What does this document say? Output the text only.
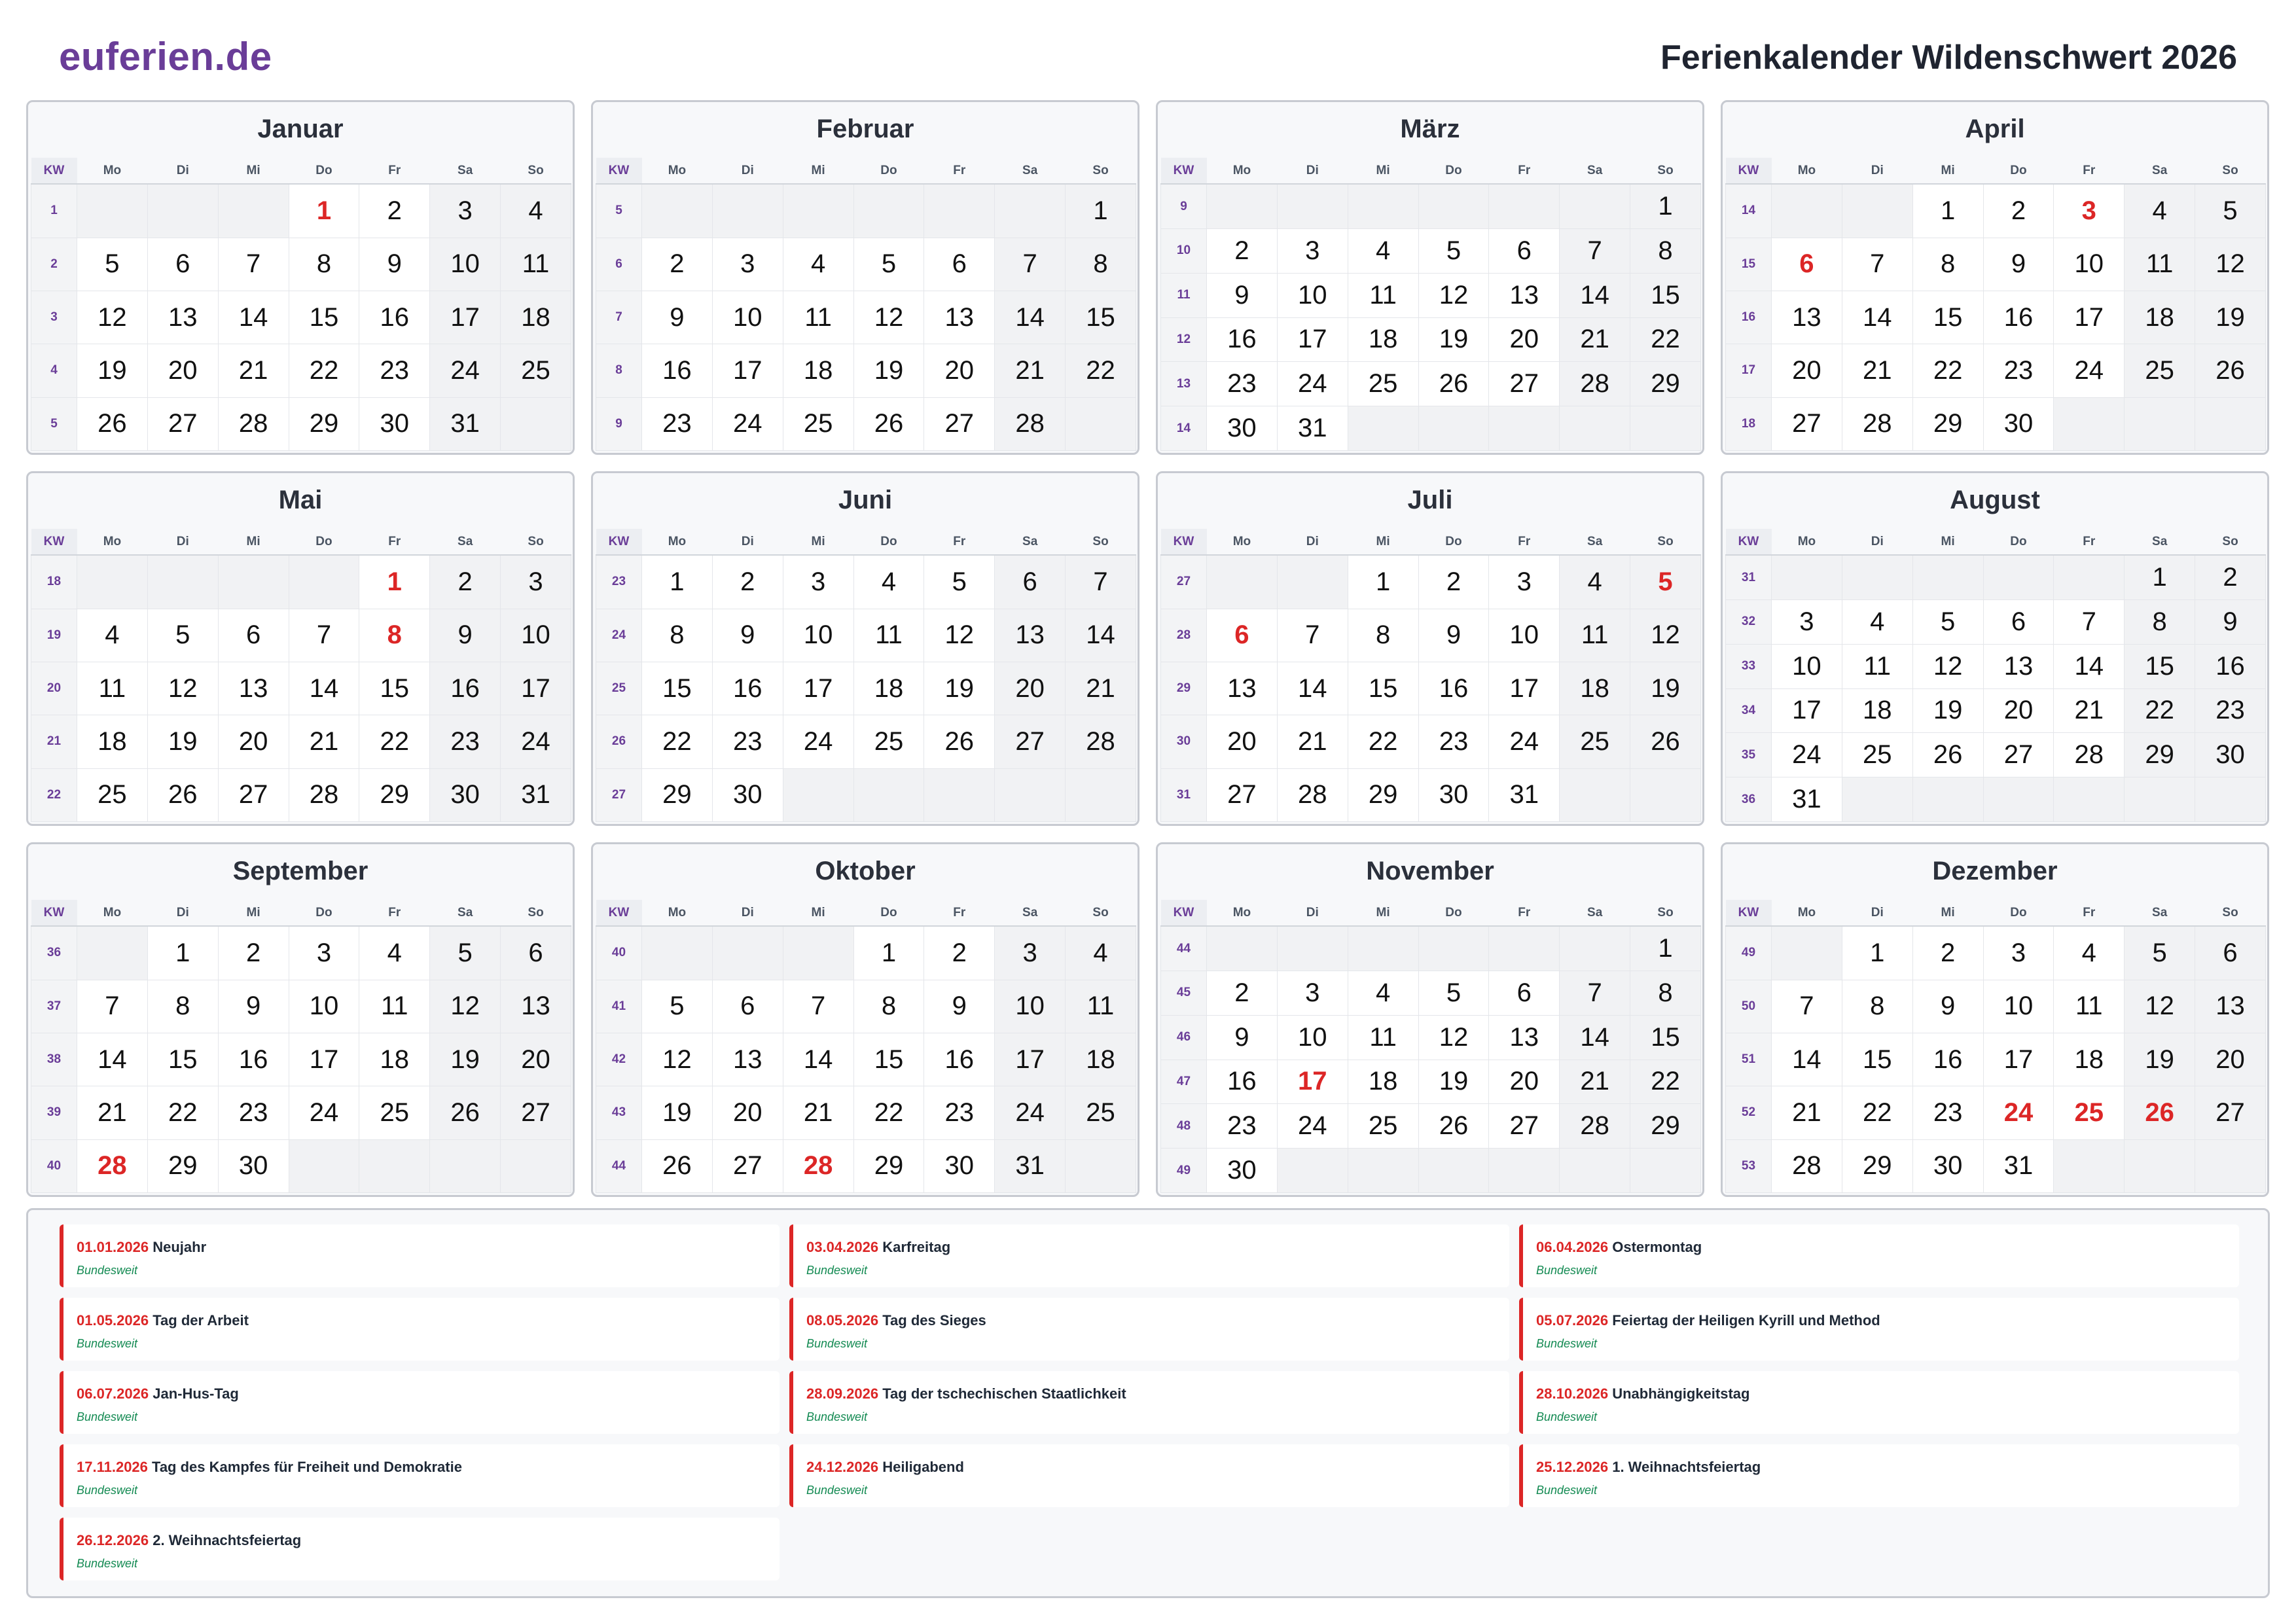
euferien.de	Ferienkalender Wildenschwert 2026
Januar
KW	Mo	Di	Mi	Do	Fr	Sa	So
1				1	2	3	4
2	5	6	7	8	9	10	11
3	12	13	14	15	16	17	18
4	19	20	21	22	23	24	25
5	26	27	28	29	30	31	
Februar
KW	Mo	Di	Mi	Do	Fr	Sa	So
5							1
6	2	3	4	5	6	7	8
7	9	10	11	12	13	14	15
8	16	17	18	19	20	21	22
9	23	24	25	26	27	28	
März
KW	Mo	Di	Mi	Do	Fr	Sa	So
9							1
10	2	3	4	5	6	7	8
11	9	10	11	12	13	14	15
12	16	17	18	19	20	21	22
13	23	24	25	26	27	28	29
14	30	31					
April
KW	Mo	Di	Mi	Do	Fr	Sa	So
14			1	2	3	4	5
15	6	7	8	9	10	11	12
16	13	14	15	16	17	18	19
17	20	21	22	23	24	25	26
18	27	28	29	30			
Mai
KW	Mo	Di	Mi	Do	Fr	Sa	So
18					1	2	3
19	4	5	6	7	8	9	10
20	11	12	13	14	15	16	17
21	18	19	20	21	22	23	24
22	25	26	27	28	29	30	31
Juni
KW	Mo	Di	Mi	Do	Fr	Sa	So
23	1	2	3	4	5	6	7
24	8	9	10	11	12	13	14
25	15	16	17	18	19	20	21
26	22	23	24	25	26	27	28
27	29	30					
Juli
KW	Mo	Di	Mi	Do	Fr	Sa	So
27			1	2	3	4	5
28	6	7	8	9	10	11	12
29	13	14	15	16	17	18	19
30	20	21	22	23	24	25	26
31	27	28	29	30	31		
August
KW	Mo	Di	Mi	Do	Fr	Sa	So
31						1	2
32	3	4	5	6	7	8	9
33	10	11	12	13	14	15	16
34	17	18	19	20	21	22	23
35	24	25	26	27	28	29	30
36	31						
September
KW	Mo	Di	Mi	Do	Fr	Sa	So
36		1	2	3	4	5	6
37	7	8	9	10	11	12	13
38	14	15	16	17	18	19	20
39	21	22	23	24	25	26	27
40	28	29	30				
Oktober
KW	Mo	Di	Mi	Do	Fr	Sa	So
40				1	2	3	4
41	5	6	7	8	9	10	11
42	12	13	14	15	16	17	18
43	19	20	21	22	23	24	25
44	26	27	28	29	30	31	
November
KW	Mo	Di	Mi	Do	Fr	Sa	So
44							1
45	2	3	4	5	6	7	8
46	9	10	11	12	13	14	15
47	16	17	18	19	20	21	22
48	23	24	25	26	27	28	29
49	30						
Dezember
KW	Mo	Di	Mi	Do	Fr	Sa	So
49		1	2	3	4	5	6
50	7	8	9	10	11	12	13
51	14	15	16	17	18	19	20
52	21	22	23	24	25	26	27
53	28	29	30	31			
01.01.2026 Neujahr
Bundesweit
03.04.2026 Karfreitag
Bundesweit
06.04.2026 Ostermontag
Bundesweit
01.05.2026 Tag der Arbeit
Bundesweit
08.05.2026 Tag des Sieges
Bundesweit
05.07.2026 Feiertag der Heiligen Kyrill und Method
Bundesweit
06.07.2026 Jan-Hus-Tag
Bundesweit
28.09.2026 Tag der tschechischen Staatlichkeit
Bundesweit
28.10.2026 Unabhängigkeitstag
Bundesweit
17.11.2026 Tag des Kampfes für Freiheit und Demokratie
Bundesweit
24.12.2026 Heiligabend
Bundesweit
25.12.2026 1. Weihnachtsfeiertag
Bundesweit
26.12.2026 2. Weihnachtsfeiertag
Bundesweit
